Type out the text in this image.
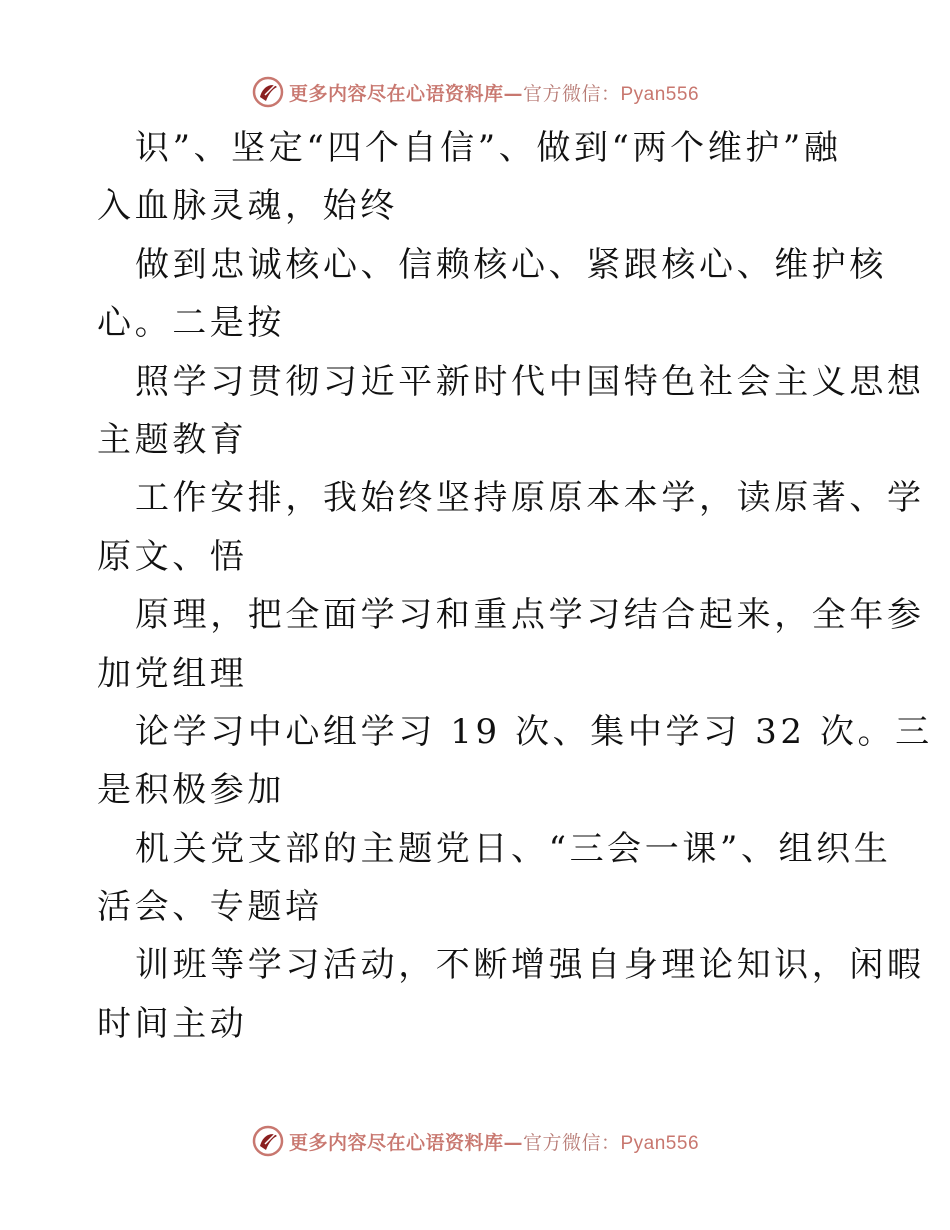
更多内容尽在心语资料库—官方微信：Pyan556
识”、坚定“四个自信”、做到“两个维护”融
入血脉灵魂，始终
做到忠诚核心、信赖核心、紧跟核心、维护核
心。二是按
照学习贯彻习近平新时代中国特色社会主义思想
主题教育
工作安排，我始终坚持原原本本学，读原著、学
原文、悟
原理，把全面学习和重点学习结合起来，全年参
加党组理
论学习中心组学习 19 次、集中学习 32 次。三
是积极参加
机关党支部的主题党日、“三会一课”、组织生
活会、专题培
训班等学习活动，不断增强自身理论知识，闲暇
时间主动
更多内容尽在心语资料库—官方微信：Pyan556
